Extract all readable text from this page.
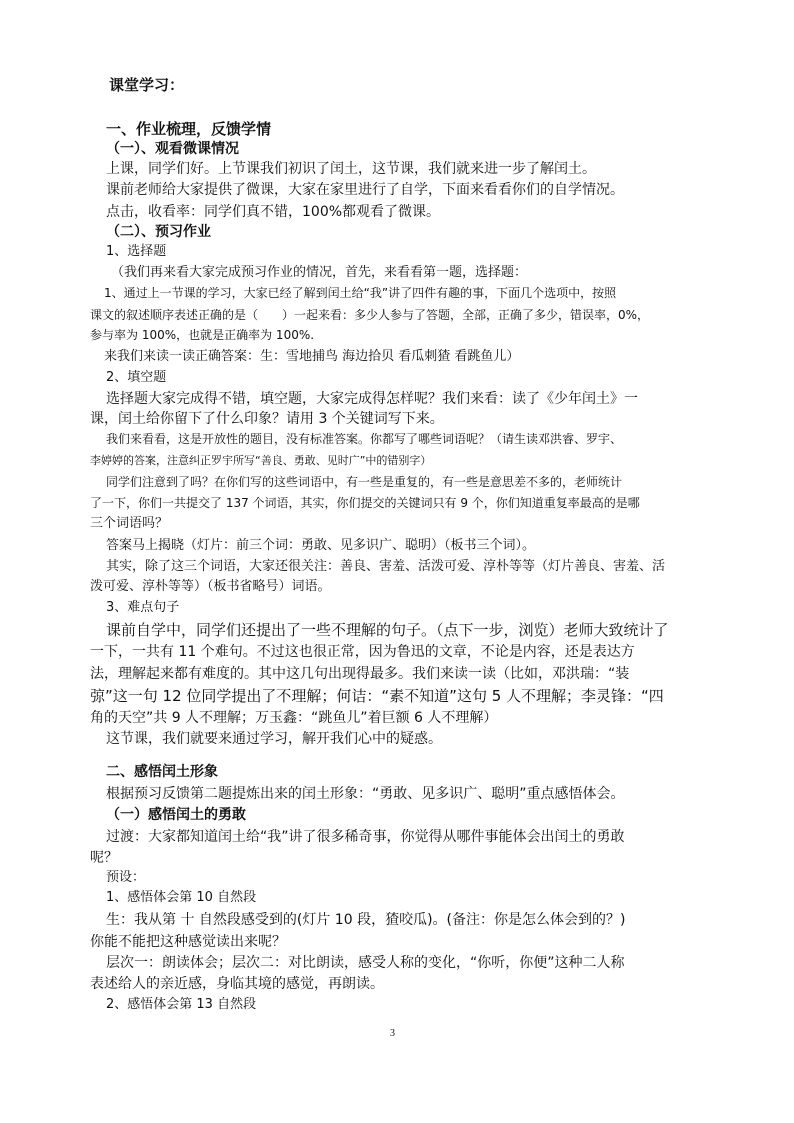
课堂学习：
一、作业梳理，反馈学情
（一）、观看微课情况
上课，同学们好。上节课我们初识了闰土，这节课，我们就来进一步了解闰土。
课前老师给大家提供了微课，大家在家里进行了自学，下面来看看你们的自学情况。
点击，收看率：同学们真不错，100%都观看了微课。
（二）、预习作业
1、选择题
（我们再来看大家完成预习作业的情况，首先，来看看第一题，选择题：
1、通过上一节课的学习，大家已经了解到闰土给“我”讲了四件有趣的事，下面几个选项中，按照
课文的叙述顺序表述正确的是（　　）一起来看：多少人参与了答题，全部，正确了多少，错误率，0%，
参与率为 100%，也就是正确率为 100%.
来我们来读一读正确答案：生：雪地捕鸟 海边拾贝 看瓜刺猹 看跳鱼儿）
2、填空题
选择题大家完成得不错，填空题，大家完成得怎样呢？我们来看：读了《少年闰土》一
课，闰土给你留下了什么印象？请用 3 个关键词写下来。
我们来看看，这是开放性的题目，没有标准答案。你都写了哪些词语呢？（请生读邓洪睿、罗宇、
李婷婷的答案，注意纠正罗宇所写“善良、勇敢、见时广”中的错别字）
同学们注意到了吗？在你们写的这些词语中，有一些是重复的，有一些是意思差不多的，老师统计
了一下，你们一共提交了 137 个词语，其实，你们提交的关键词只有 9 个，你们知道重复率最高的是哪
三个词语吗？
答案马上揭晓（灯片：前三个词：勇敢、见多识广、聪明）（板书三个词）。
其实，除了这三个词语，大家还很关注：善良、害羞、活泼可爱、淳朴等等（灯片善良、害羞、活
泼可爱、淳朴等等）（板书省略号）词语。
3、难点句子
课前自学中，同学们还提出了一些不理解的句子。（点下一步，浏览）老师大致统计了
一下，一共有 11 个难句。不过这也很正常，因为鲁迅的文章，不论是内容，还是表达方
法，理解起来都有难度的。其中这几句出现得最多。我们来读一读（比如，邓洪瑞：“装
弶”这一句 12 位同学提出了不理解；何诘：“素不知道”这句 5 人不理解；李灵锋：“四
角的天空”共 9 人不理解；万玉鑫：“跳鱼儿”着巨额 6 人不理解）
这节课，我们就要来通过学习，解开我们心中的疑惑。
二、感悟闰土形象
根据预习反馈第二题提炼出来的闰土形象：“勇敢、见多识广、聪明”重点感悟体会。
（一）感悟闰土的勇敢
过渡：大家都知道闰土给“我”讲了很多稀奇事，你觉得从哪件事能体会出闰土的勇敢
呢？
预设：
1、感悟体会第 10 自然段
生：我从第 十 自然段感受到的(灯片 10 段，猹咬瓜)。(备注：你是怎么体会到的？)
你能不能把这种感觉读出来呢？
层次一：朗读体会；层次二：对比朗读，感受人称的变化，“你听，你便”这种二人称
表述给人的亲近感，身临其境的感觉，再朗读。
2、感悟体会第 13 自然段
3
